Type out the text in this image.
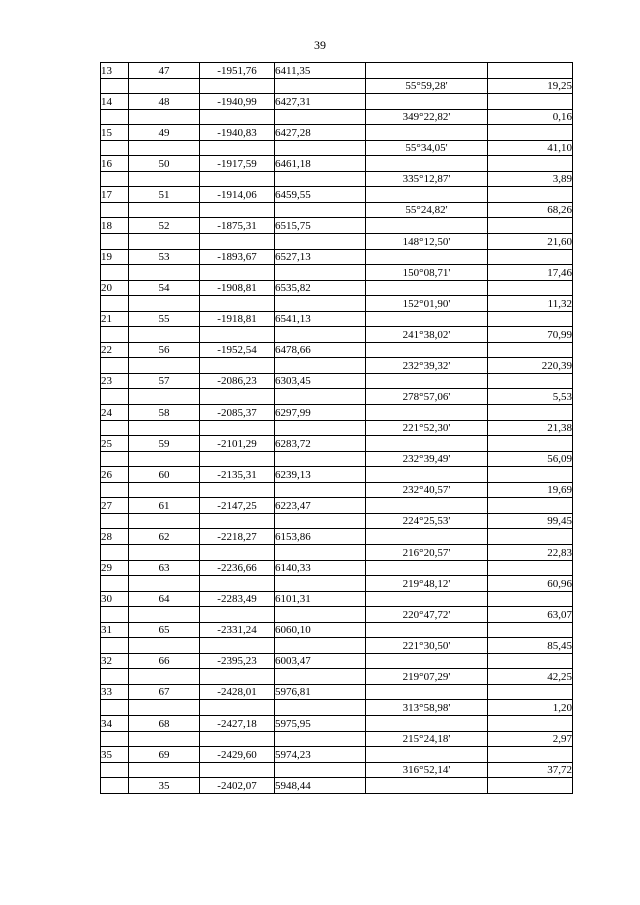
39
13	47	-1951,76	6411,35		
				55°59,28'	19,25
14	48	-1940,99	6427,31		
				349°22,82'	0,16
15	49	-1940,83	6427,28		
				55°34,05'	41,10
16	50	-1917,59	6461,18		
				335°12,87'	3,89
17	51	-1914,06	6459,55		
				55°24,82'	68,26
18	52	-1875,31	6515,75		
				148°12,50'	21,60
19	53	-1893,67	6527,13		
				150°08,71'	17,46
20	54	-1908,81	6535,82		
				152°01,90'	11,32
21	55	-1918,81	6541,13		
				241°38,02'	70,99
22	56	-1952,54	6478,66		
				232°39,32'	220,39
23	57	-2086,23	6303,45		
				278°57,06'	5,53
24	58	-2085,37	6297,99		
				221°52,30'	21,38
25	59	-2101,29	6283,72		
				232°39,49'	56,09
26	60	-2135,31	6239,13		
				232°40,57'	19,69
27	61	-2147,25	6223,47		
				224°25,53'	99,45
28	62	-2218,27	6153,86		
				216°20,57'	22,83
29	63	-2236,66	6140,33		
				219°48,12'	60,96
30	64	-2283,49	6101,31		
				220°47,72'	63,07
31	65	-2331,24	6060,10		
				221°30,50'	85,45
32	66	-2395,23	6003,47		
				219°07,29'	42,25
33	67	-2428,01	5976,81		
				313°58,98'	1,20
34	68	-2427,18	5975,95		
				215°24,18'	2,97
35	69	-2429,60	5974,23		
				316°52,14'	37,72
	35	-2402,07	5948,44		
